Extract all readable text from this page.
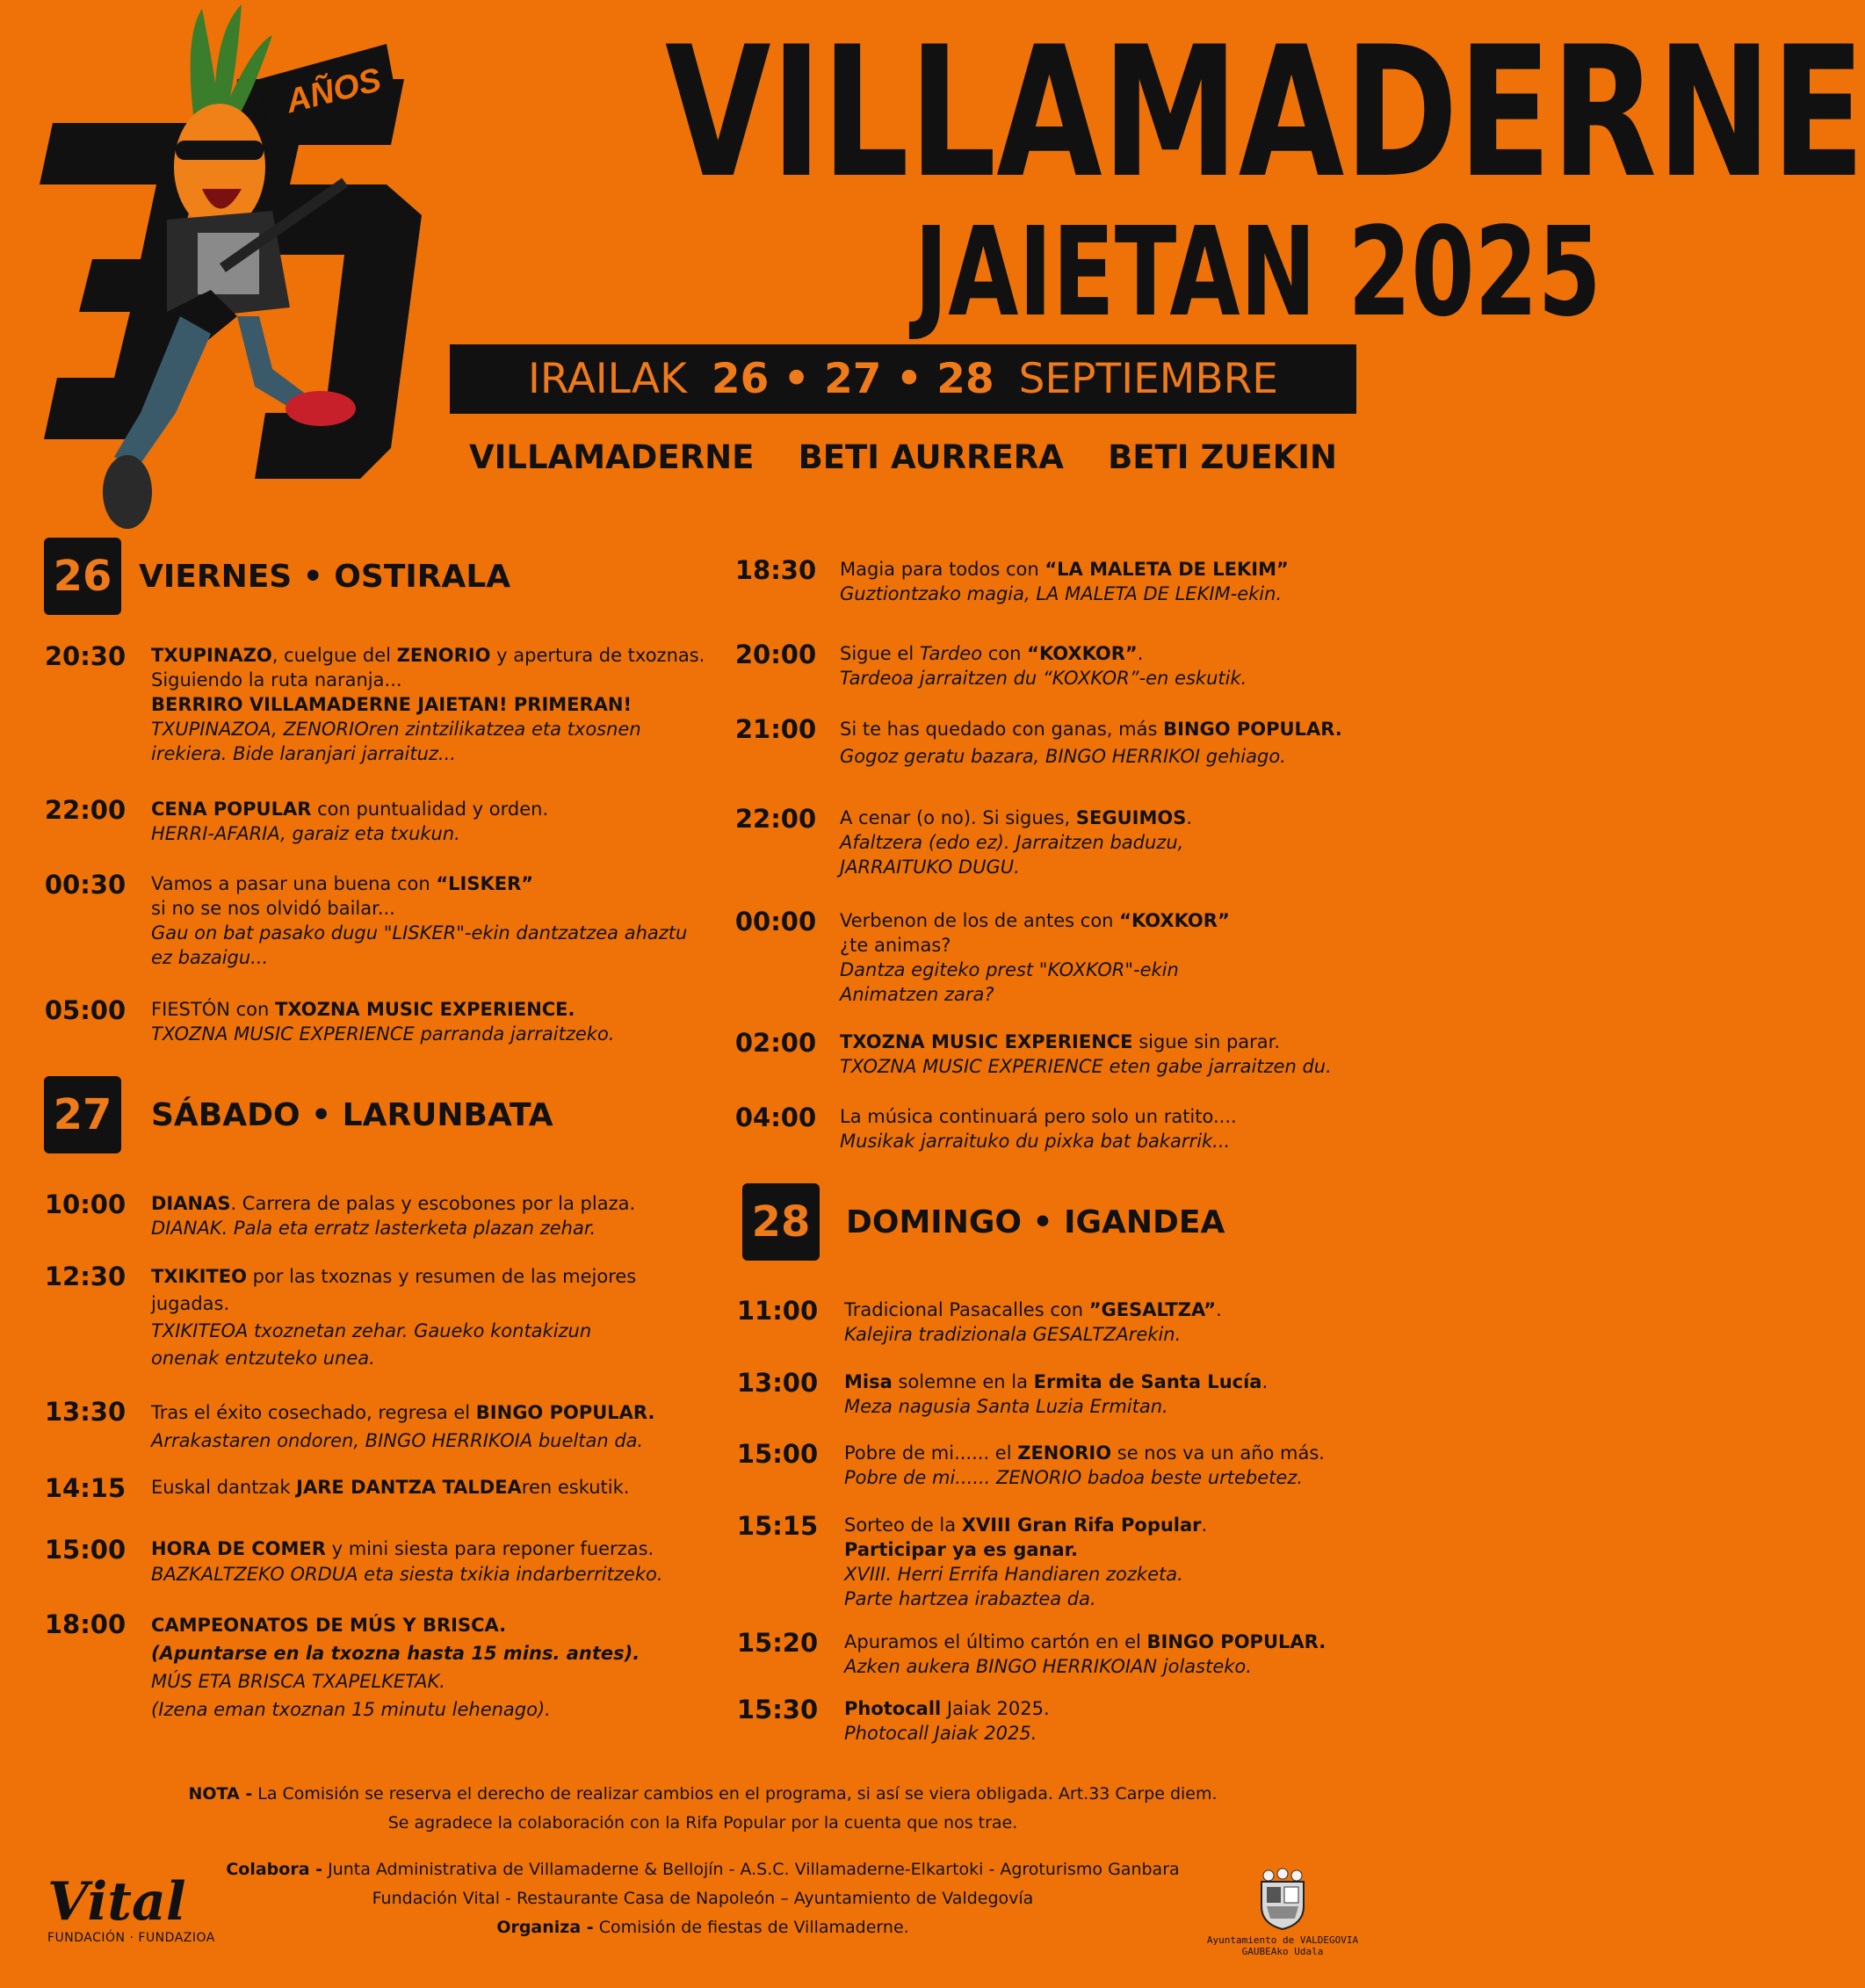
AÑOS VILLAMADERNE
JAIETAN 2025
IRAILAK 26 • 27 • 28 SEPTIEMBRE
VILLAMADERNE BETI AURRERA BETI ZUEKIN
26 VIERNES • OSTIRALA
20:30	TXUPINAZO, cuelgue del ZENORIO y apertura de txoznas. Siguiendo la ruta naranja...
BERRIRO VILLAMADERNE JAIETAN! PRIMERAN!
TXUPINAZOA, ZENORIOren zintzilikatzea eta txosnen irekiera. Bide laranjari jarraituz...
22:00	CENA POPULAR con puntualidad y orden.
HERRI-AFARIA, garaiz eta txukun.
00:30	Vamos a pasar una buena con “LISKER”
si no se nos olvidó bailar...
Gau on bat pasako dugu "LISKER"-ekin dantzatzea ahaztu ez bazaigu...
05:00	FIESTÓN con TXOZNA MUSIC EXPERIENCE.
TXOZNA MUSIC EXPERIENCE parranda jarraitzeko.
27 SÁBADO • LARUNBATA
10:00	DIANAS. Carrera de palas y escobones por la plaza.
DIANAK. Pala eta erratz lasterketa plazan zehar.
12:30	TXIKITEO por las txoznas y resumen de las mejores jugadas.
TXIKITEOA txoznetan zehar. Gaueko kontakizun onenak entzuteko unea.
13:30	Tras el éxito cosechado, regresa el BINGO POPULAR.
Arrakastaren ondoren, BINGO HERRIKOIA bueltan da.
14:15	Euskal dantzak JARE DANTZA TALDEAren eskutik.
15:00	HORA DE COMER y mini siesta para reponer fuerzas.
BAZKALTZEKO ORDUA eta siesta txikia indarberritzeko.
18:00	CAMPEONATOS DE MÚS Y BRISCA.
(Apuntarse en la txozna hasta 15 mins. antes).
MÚS ETA BRISCA TXAPELKETAK.
(Izena eman txoznan 15 minutu lehenago).
18:30	Magia para todos con “LA MALETA DE LEKIM”
Guztiontzako magia, LA MALETA DE LEKIM-ekin.
20:00	Sigue el Tardeo con “KOXKOR”.
Tardeoa jarraitzen du “KOXKOR”-en eskutik.
21:00	Si te has quedado con ganas, más BINGO POPULAR.
Gogoz geratu bazara, BINGO HERRIKOI gehiago.
22:00	A cenar (o no). Si sigues, SEGUIMOS.
Afaltzera (edo ez). Jarraitzen baduzu,
JARRAITUKO DUGU.
00:00	Verbenon de los de antes con “KOXKOR”
¿te animas?
Dantza egiteko prest "KOXKOR"-ekin
Animatzen zara?
02:00	TXOZNA MUSIC EXPERIENCE sigue sin parar.
TXOZNA MUSIC EXPERIENCE eten gabe jarraitzen du.
04:00	La música continuará pero solo un ratito....
Musikak jarraituko du pixka bat bakarrik...
28 DOMINGO • IGANDEA
11:00	Tradicional Pasacalles con ”GESALTZA”.
Kalejira tradizionala GESALTZArekin.
13:00	Misa solemne en la Ermita de Santa Lucía.
Meza nagusia Santa Luzia Ermitan.
15:00	Pobre de mi...... el ZENORIO se nos va un año más.
Pobre de mi...... ZENORIO badoa beste urtebetez.
15:15	Sorteo de la XVIII Gran Rifa Popular.
Participar ya es ganar.
XVIII. Herri Errifa Handiaren zozketa.
Parte hartzea irabaztea da.
15:20	Apuramos el último cartón en el BINGO POPULAR.
Azken aukera BINGO HERRIKOIAN jolasteko.
15:30	Photocall Jaiak 2025.
Photocall Jaiak 2025.
NOTA - La Comisión se reserva el derecho de realizar cambios en el programa, si así se viera obligada. Art.33 Carpe diem.
Se agradece la colaboración con la Rifa Popular por la cuenta que nos trae.
Colabora - Junta Administrativa de Villamaderne & Bellojín - A.S.C. Villamaderne-Elkartoki - Agroturismo Ganbara
Fundación Vital - Restaurante Casa de Napoleón – Ayuntamiento de Valdegovía
Organiza - Comisión de fiestas de Villamaderne.
Vital
FUNDACIÓN · FUNDAZIOA	Ayuntamiento de VALDEGOVIA
GAUBEAko Udala
